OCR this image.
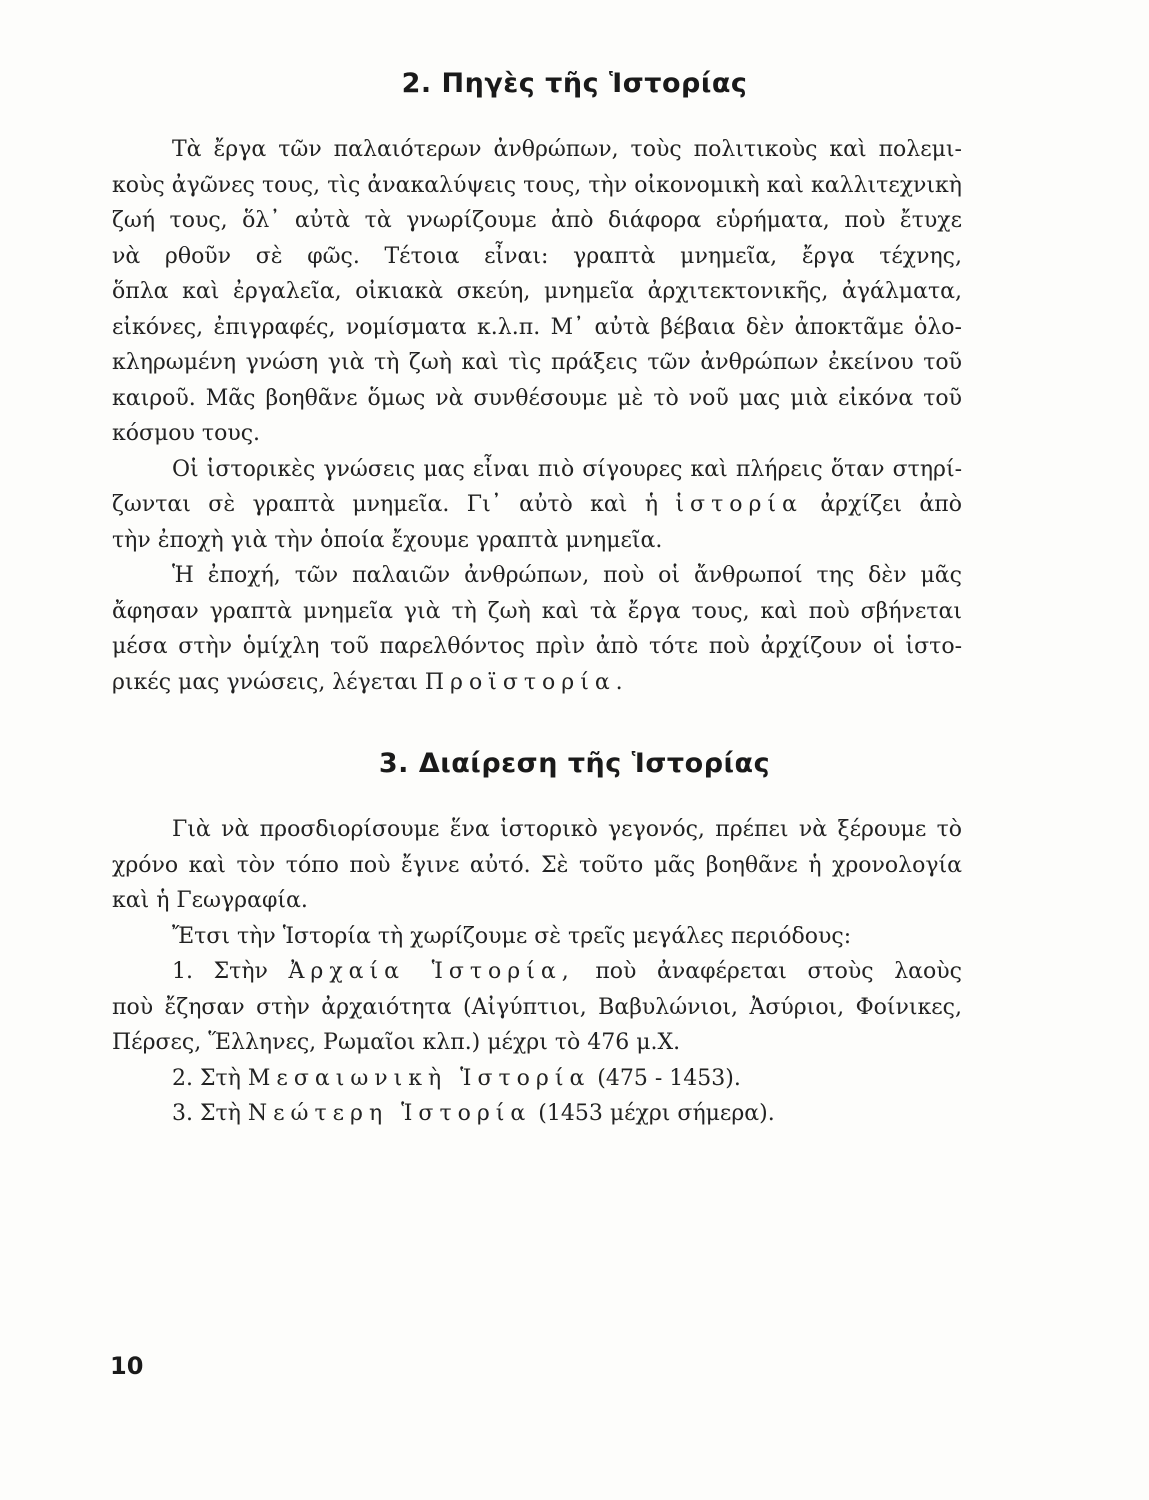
2. Πηγὲς τῆς Ἱστορίας
Τὰ ἔργα τῶν παλαιότερων ἀνθρώπων, τοὺς πολιτικοὺς καὶ πολεμι-
κοὺς ἀγῶνες τους, τὶς ἀνακαλύψεις τους, τὴν οἰκονομικὴ καὶ καλλιτεχνικὴ
ζωή τους, ὅλ᾽ αὐτὰ τὰ γνωρίζουμε ἀπὸ διάφορα εὑρήματα, ποὺ ἔτυχε
νὰ ρθοῦν σὲ φῶς. Τέτοια εἶναι: γραπτὰ μνημεῖα, ἔργα τέχνης,
ὅπλα καὶ ἐργαλεῖα, οἰκιακὰ σκεύη, μνημεῖα ἀρχιτεκτονικῆς, ἀγάλματα,
εἰκόνες, ἐπιγραφές, νομίσματα κ.λ.π. Μ᾽ αὐτὰ βέβαια δὲν ἀποκτᾶμε ὁλο-
κληρωμένη γνώση γιὰ τὴ ζωὴ καὶ τὶς πράξεις τῶν ἀνθρώπων ἐκείνου τοῦ
καιροῦ. Μᾶς βοηθᾶνε ὅμως νὰ συνθέσουμε μὲ τὸ νοῦ μας μιὰ εἰκόνα τοῦ
κόσμου τους.
Οἱ ἱστορικὲς γνώσεις μας εἶναι πιὸ σίγουρες καὶ πλήρεις ὅταν στηρί-
ζωνται σὲ γραπτὰ μνημεῖα. Γι᾽ αὐτὸ καὶ ἡ ἱστορία ἀρχίζει ἀπὸ
τὴν ἐποχὴ γιὰ τὴν ὁποία ἔχουμε γραπτὰ μνημεῖα.
Ἡ ἐποχή, τῶν παλαιῶν ἀνθρώπων, ποὺ οἱ ἄνθρωποί της δὲν μᾶς
ἄφησαν γραπτὰ μνημεῖα γιὰ τὴ ζωὴ καὶ τὰ ἔργα τους, καὶ ποὺ σβήνεται
μέσα στὴν ὁμίχλη τοῦ παρελθόντος πρὶν ἀπὸ τότε ποὺ ἀρχίζουν οἱ ἱστο-
ρικές μας γνώσεις, λέγεται Προϊστορία.
3. Διαίρεση τῆς Ἱστορίας
Γιὰ νὰ προσδιορίσουμε ἕνα ἱστορικὸ γεγονός, πρέπει νὰ ξέρουμε τὸ
χρόνο καὶ τὸν τόπο ποὺ ἔγινε αὐτό. Σὲ τοῦτο μᾶς βοηθᾶνε ἡ χρονολογία
καὶ ἡ Γεωγραφία.
Ἔτσι τὴν Ἱστορία τὴ χωρίζουμε σὲ τρεῖς μεγάλες περιόδους:
1. Στὴν Ἀρχαία Ἱστορία, ποὺ ἀναφέρεται στοὺς λαοὺς
ποὺ ἔζησαν στὴν ἀρχαιότητα (Αἰγύπτιοι, Βαβυλώνιοι, Ἀσύριοι, Φοίνικες,
Πέρσες, Ἕλληνες, Ρωμαῖοι κλπ.) μέχρι τὸ 476 μ.Χ.
2. Στὴ Μεσαιωνικὴ Ἱστορία (475 - 1453).
3. Στὴ Νεώτερη Ἱστορία (1453 μέχρι σήμερα).
10
